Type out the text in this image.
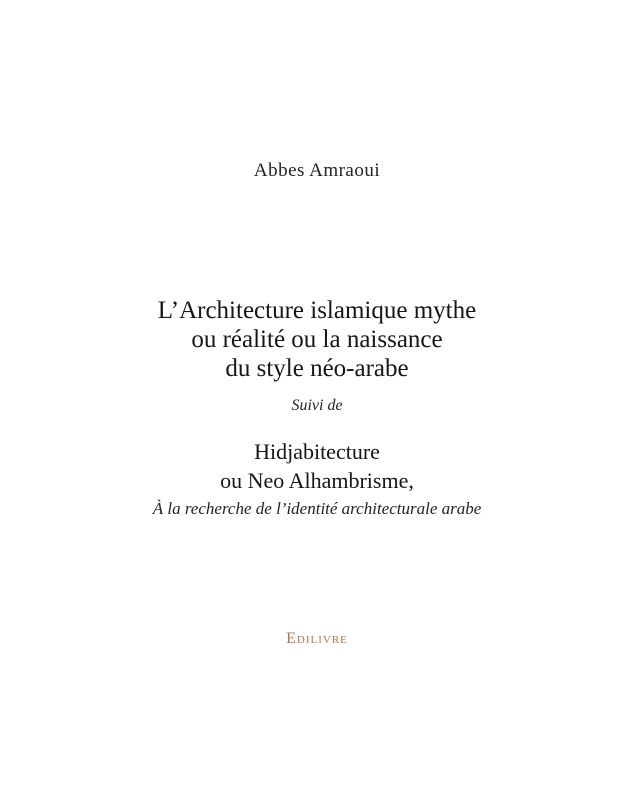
Abbes Amraoui
L’Architecture islamique mythe
ou réalité ou la naissance
du style néo-arabe
Suivi de
Hidjabitecture
ou Neo Alhambrisme,
À la recherche de l’identité architecturale arabe
Edilivre
